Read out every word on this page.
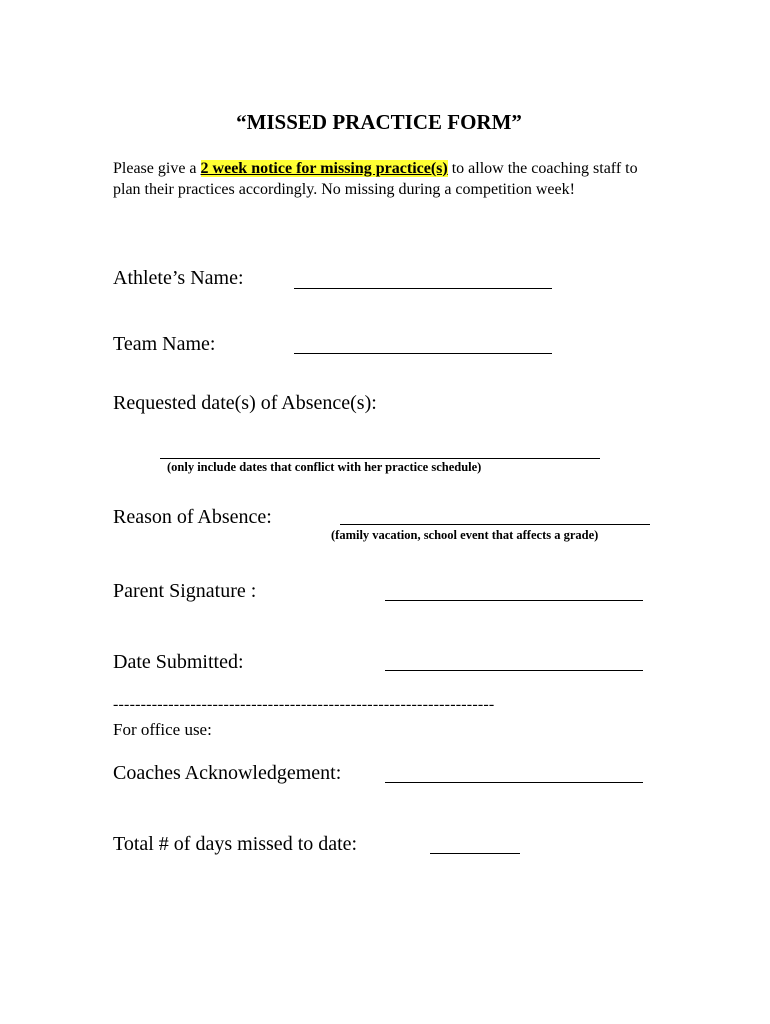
“MISSED PRACTICE FORM”
Please give a 2 week notice for missing practice(s) to allow the coaching staff to plan their practices accordingly. No missing during a competition week!
Athlete’s Name:
Team Name:
Requested date(s) of Absence(s):
(only include dates that conflict with her practice schedule)
Reason of Absence:
(family vacation, school event that affects a grade)
Parent Signature :
Date Submitted:
---------------------------------------------------------------------
For office use:
Coaches Acknowledgement:
Total # of days missed to date:
